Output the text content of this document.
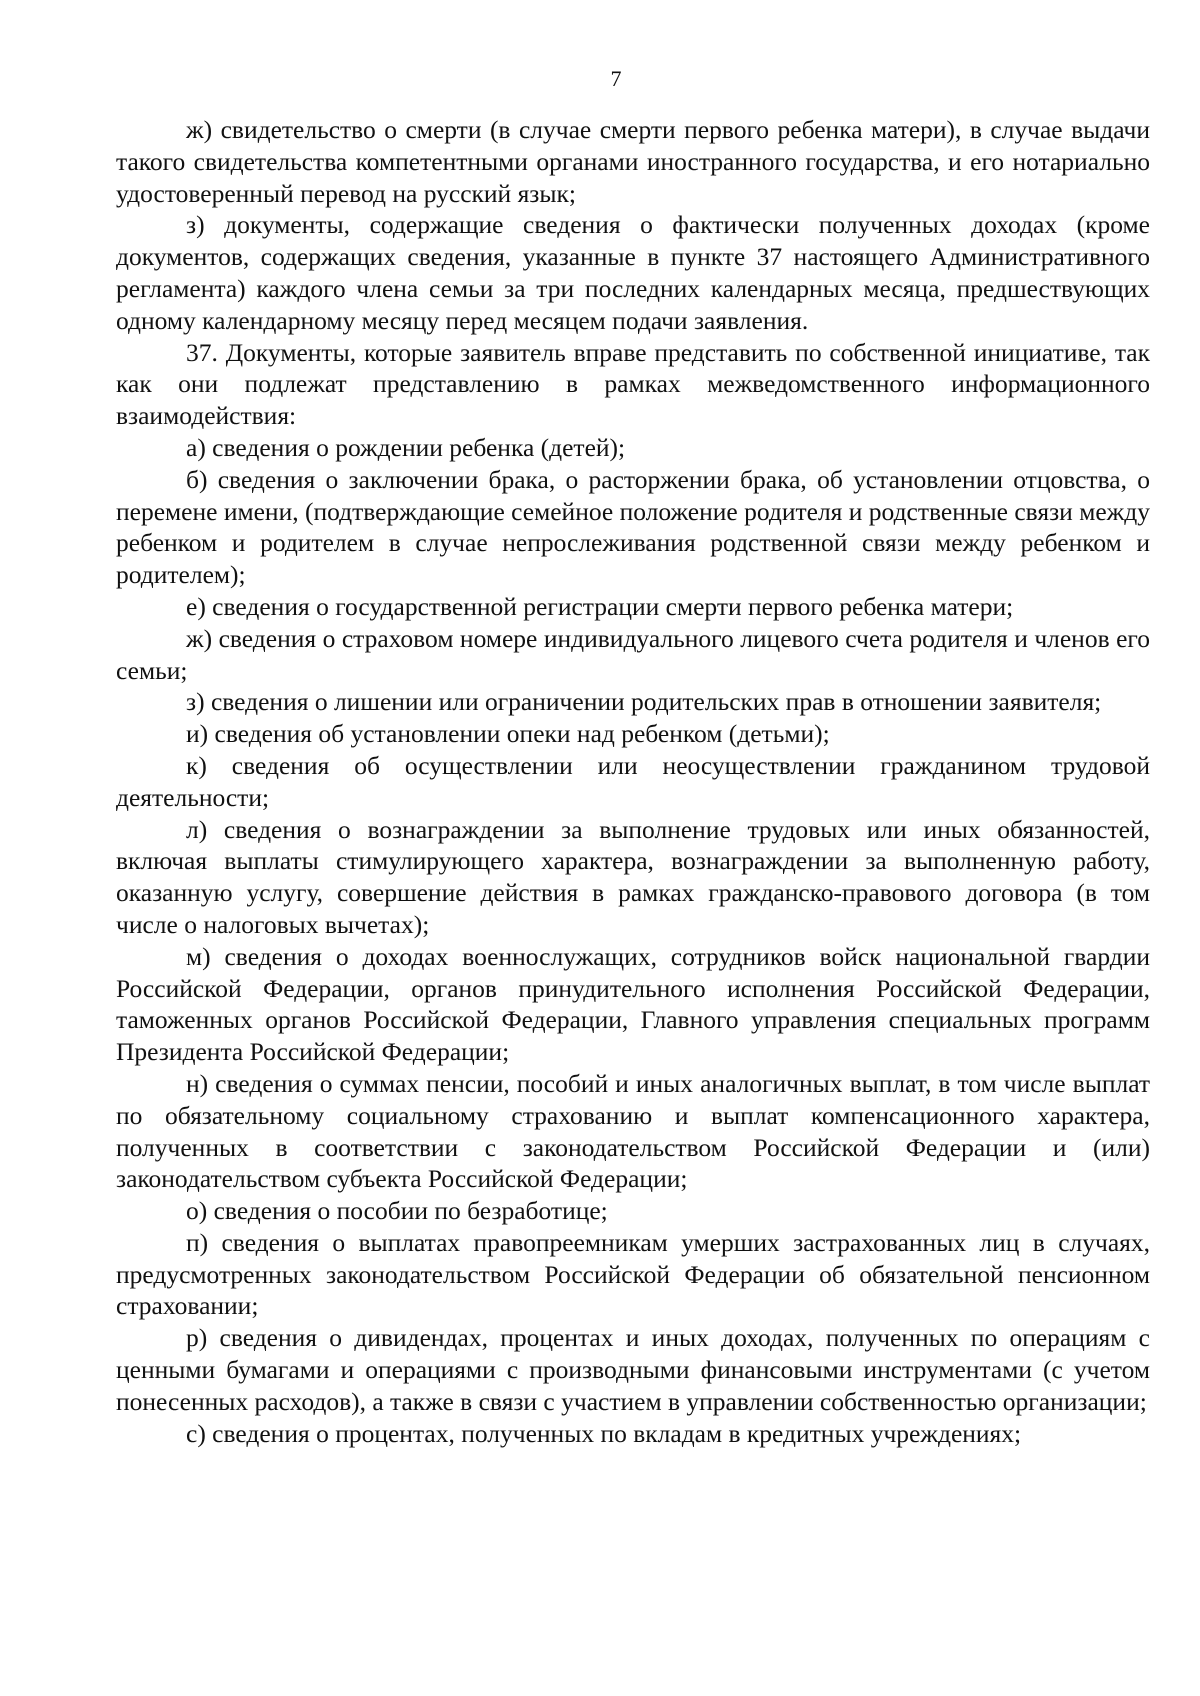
7

ж) свидетельство о смерти (в случае смерти первого ребенка матери), в случае выдачи такого свидетельства компетентными органами иностранного государства, и его нотариально удостоверенный перевод на русский язык;

з) документы, содержащие сведения о фактически полученных доходах (кроме документов, содержащих сведения, указанные в пункте 37 настоящего Административного регламента) каждого члена семьи за три последних календарных месяца, предшествующих одному календарному месяцу перед месяцем подачи заявления.

37. Документы, которые заявитель вправе представить по собственной инициативе, так как они подлежат представлению в рамках межведомственного информационного взаимодействия:

а) сведения о рождении ребенка (детей);

б) сведения о заключении брака, о расторжении брака, об установлении отцовства, о перемене имени, (подтверждающие семейное положение родителя и родственные связи между ребенком и родителем в случае непрослеживания родственной связи между ребенком и родителем);

е) сведения о государственной регистрации смерти первого ребенка матери;

ж) сведения о страховом номере индивидуального лицевого счета родителя и членов его семьи;

з) сведения о лишении или ограничении родительских прав в отношении заявителя;

и) сведения об установлении опеки над ребенком (детьми);

к) сведения об осуществлении или неосуществлении гражданином трудовой деятельности;

л) сведения о вознаграждении за выполнение трудовых или иных обязанностей, включая выплаты стимулирующего характера, вознаграждении за выполненную работу, оказанную услугу, совершение действия в рамках гражданско-правового договора (в том числе о налоговых вычетах);

м) сведения о доходах военнослужащих, сотрудников войск национальной гвардии Российской Федерации, органов принудительного исполнения Российской Федерации, таможенных органов Российской Федерации, Главного управления специальных программ Президента Российской Федерации;

н) сведения о суммах пенсии, пособий и иных аналогичных выплат, в том числе выплат по обязательному социальному страхованию и выплат компенсационного характера, полученных в соответствии с законодательством Российской Федерации и (или) законодательством субъекта Российской Федерации;

о) сведения о пособии по безработице;

п) сведения о выплатах правопреемникам умерших застрахованных лиц в случаях, предусмотренных законодательством Российской Федерации об обязательной пенсионном страховании;

р) сведения о дивидендах, процентах и иных доходах, полученных по операциям с ценными бумагами и операциями с производными финансовыми инструментами (с учетом понесенных расходов), а также в связи с участием в управлении собственностью организации;

с) сведения о процентах, полученных по вкладам в кредитных учреждениях;
